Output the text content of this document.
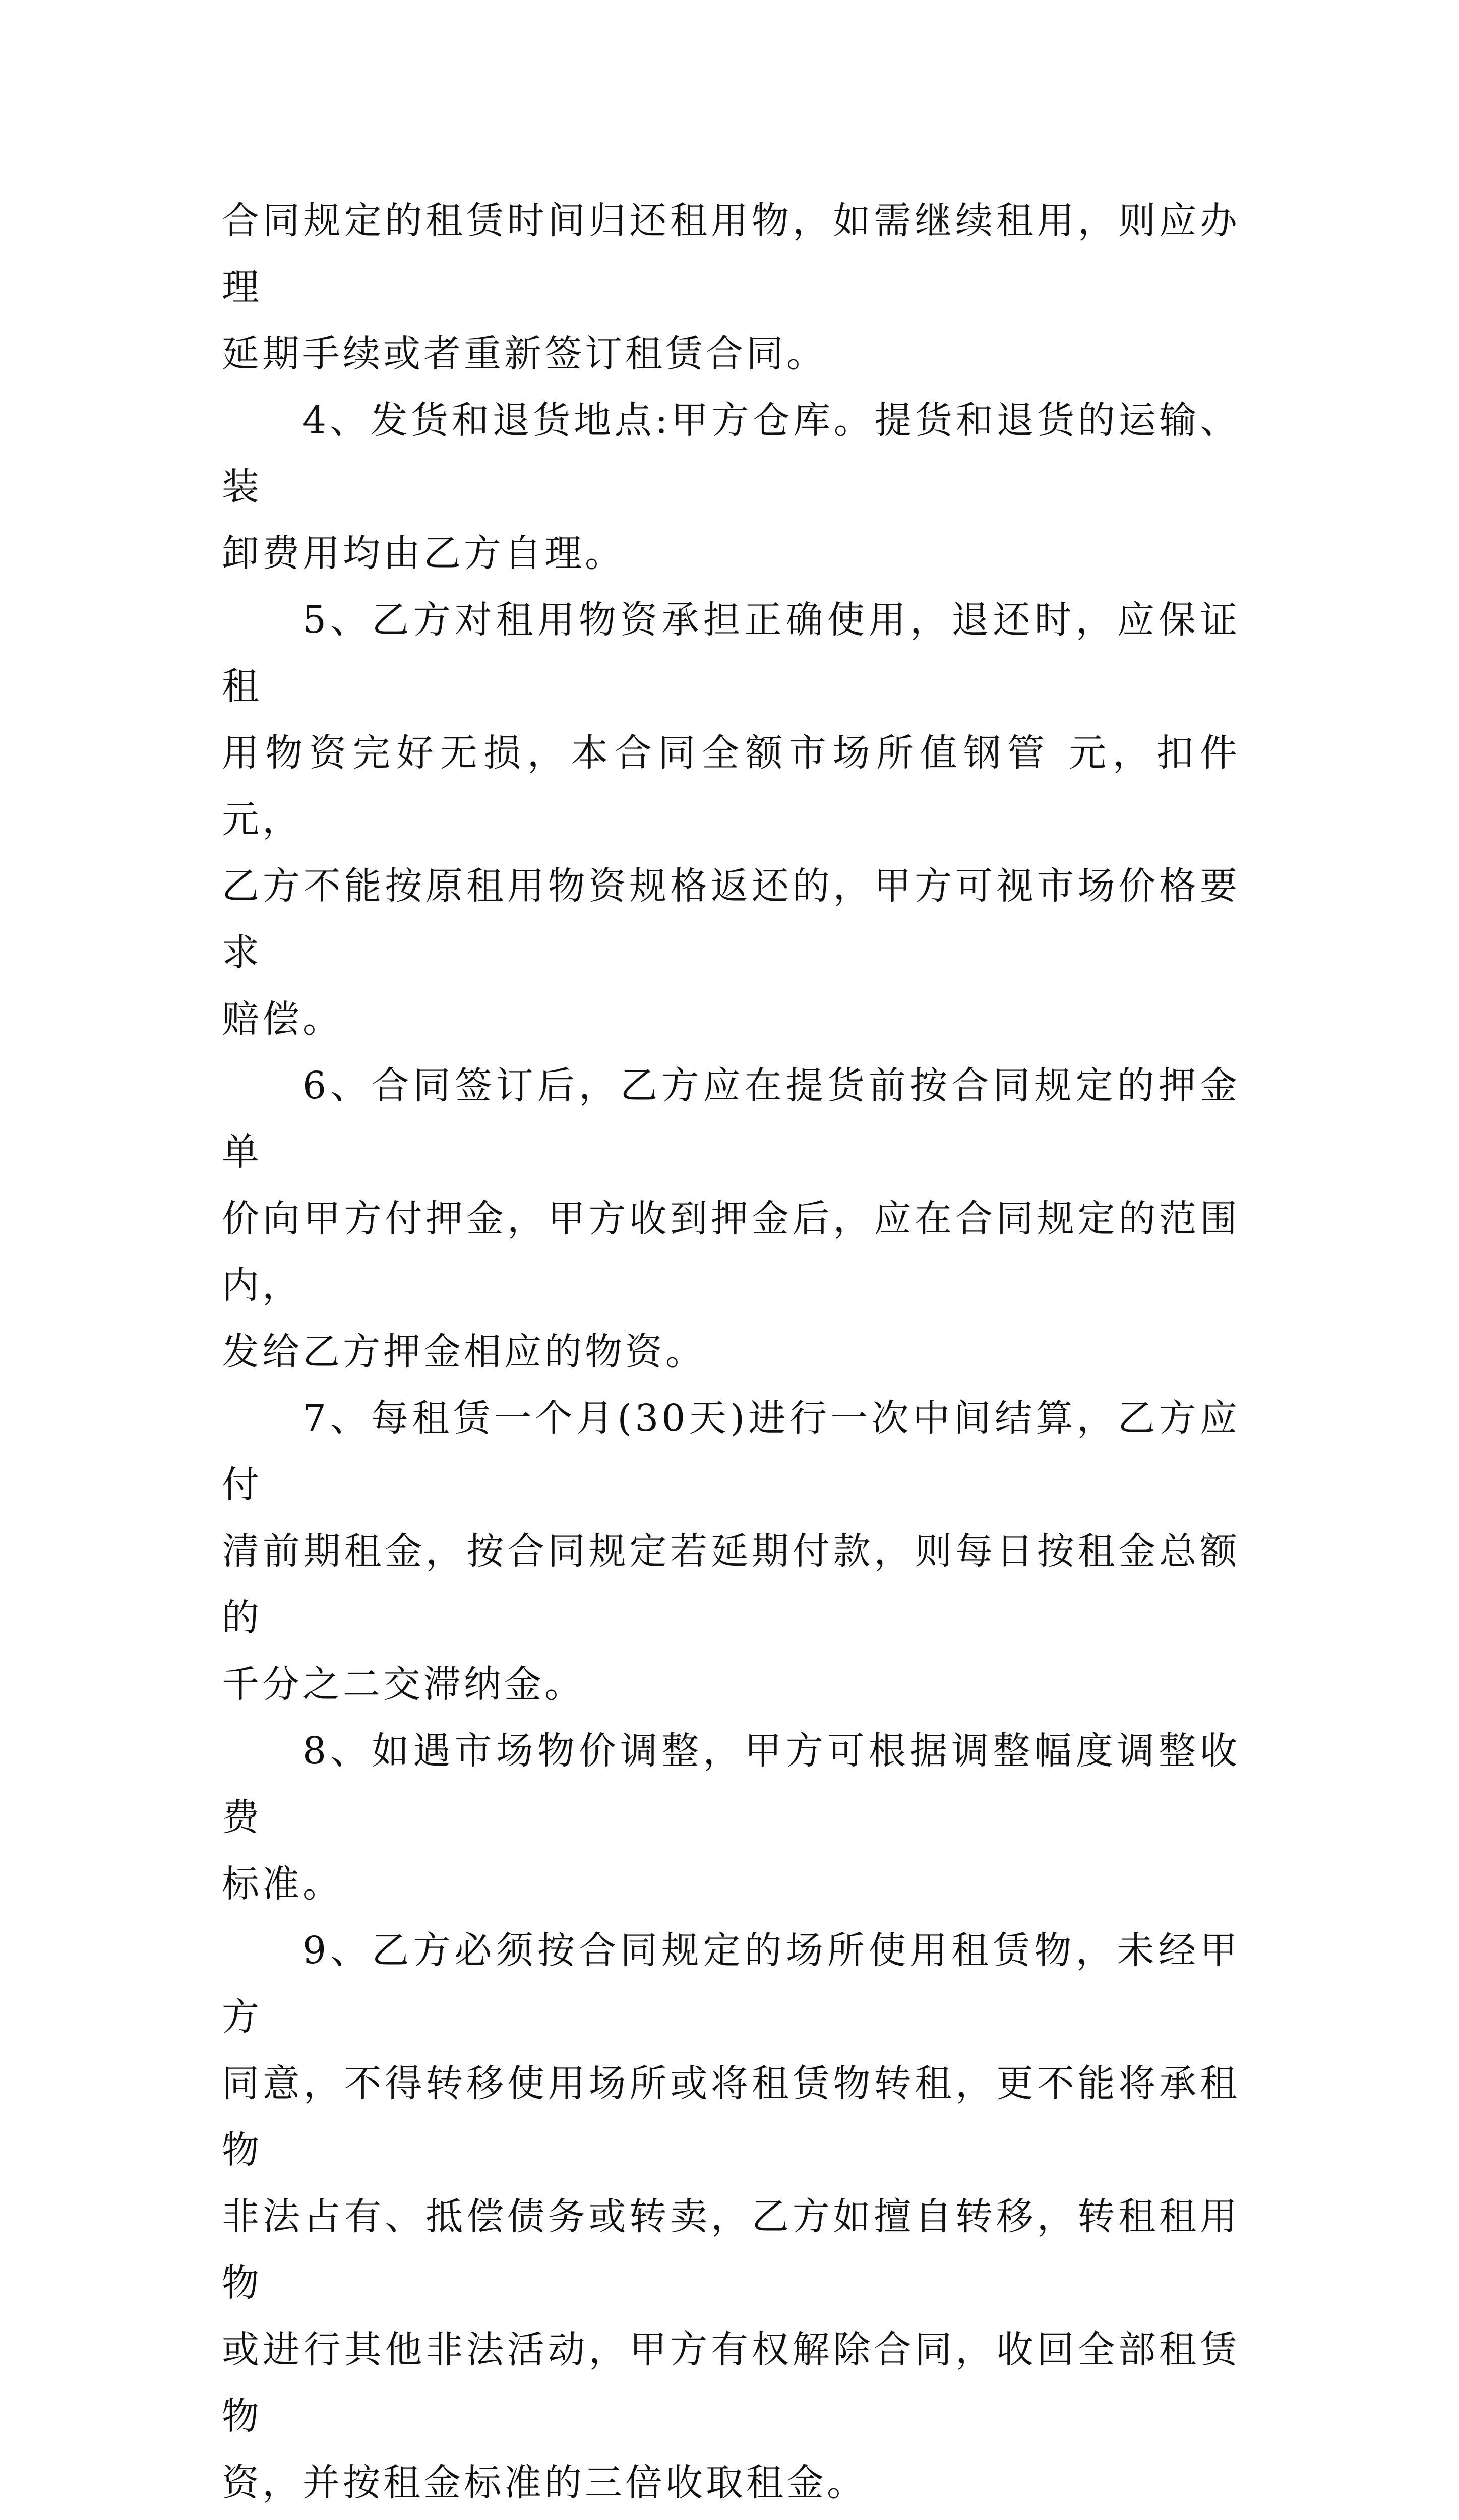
合同规定的租赁时间归还租用物，如需继续租用，则应办理
延期手续或者重新签订租赁合同。

4、发货和退货地点:甲方仓库。提货和退货的运输、装
卸费用均由乙方自理。

5、乙方对租用物资承担正确使用，退还时，应保证租
用物资完好无损，本合同全额市场所值钢管 元，扣件 元，
乙方不能按原租用物资规格返还的，甲方可视市场价格要求
赔偿。

6、合同签订后，乙方应在提货前按合同规定的押金单
价向甲方付押金，甲方收到押金后，应在合同规定的范围内，
发给乙方押金相应的物资。

7、每租赁一个月(30天)进行一次中间结算，乙方应付
清前期租金，按合同规定若延期付款，则每日按租金总额的
千分之二交滞纳金。

8、如遇市场物价调整，甲方可根据调整幅度调整收费
标准。

9、乙方必须按合同规定的场所使用租赁物，未经甲方
同意，不得转移使用场所或将租赁物转租，更不能将承租物
非法占有、抵偿债务或转卖，乙方如擅自转移，转租租用物
或进行其他非法活动，甲方有权解除合同，收回全部租赁物
资，并按租金标准的三倍收取租金。
